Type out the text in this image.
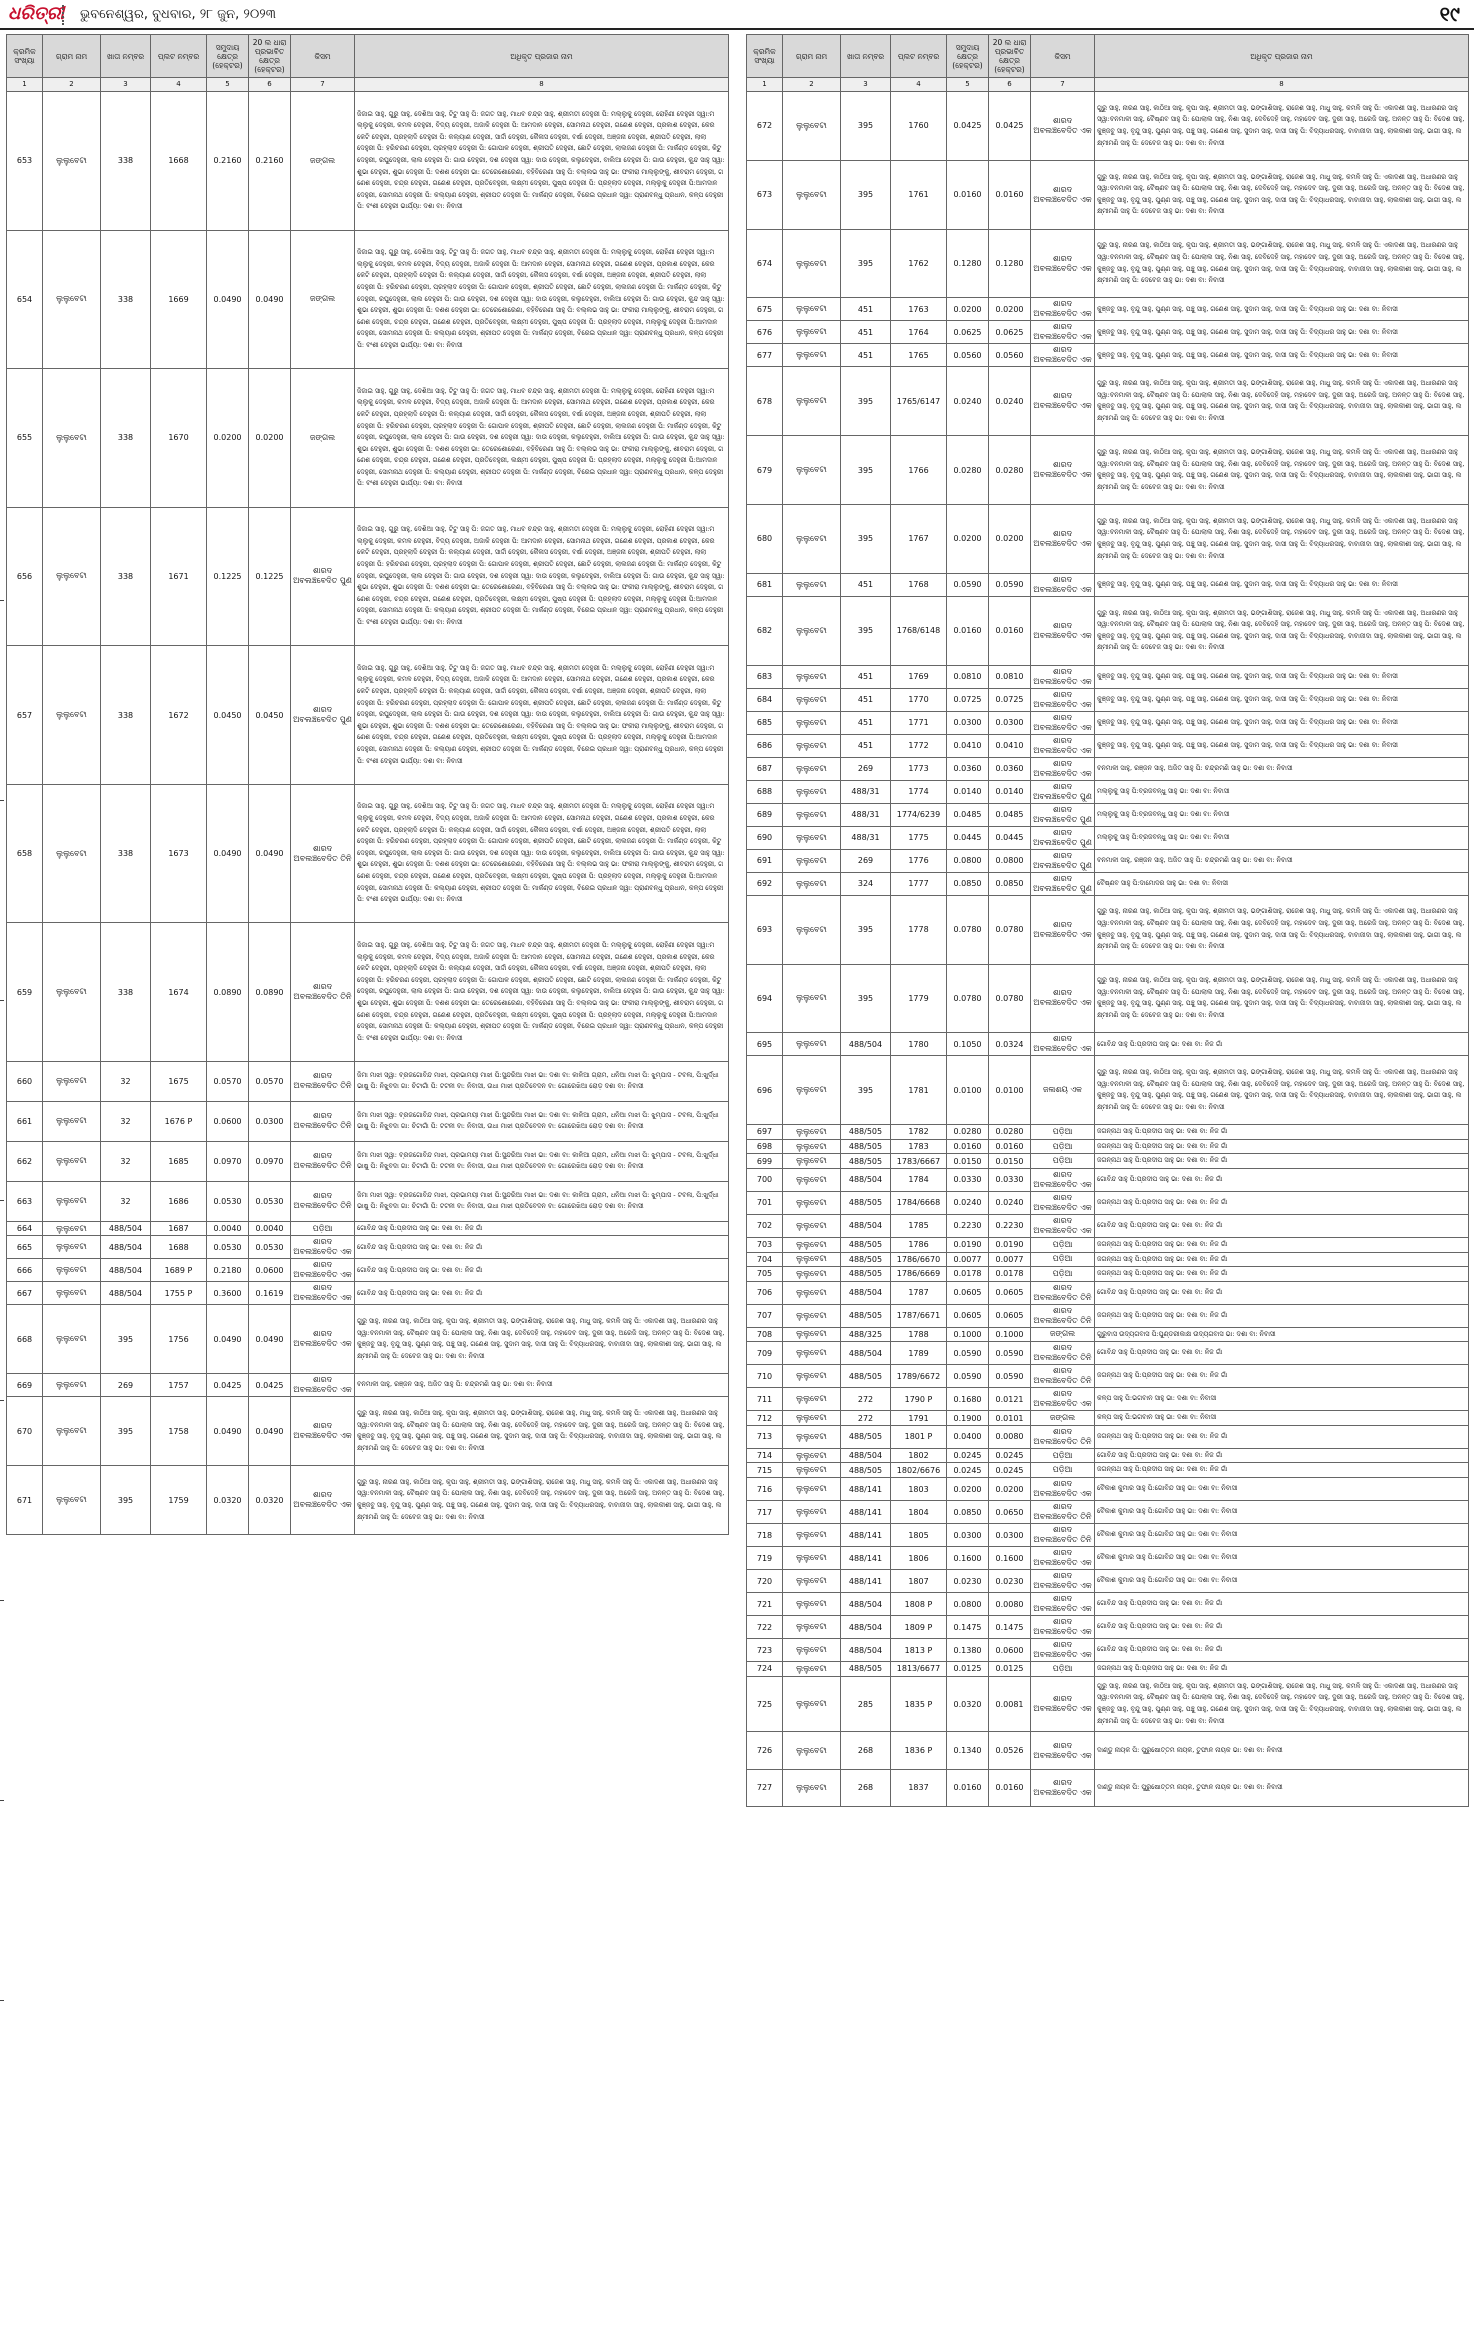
ଧରିତ୍ରୀ ଭୁବନେଶ୍ୱର, ବୁଧବାର, ୨୮ ଜୁନ, ୨୦୨୩	୧୯
କ୍ରମିକ ସଂଖ୍ୟା	ଗ୍ରାମ ନାମ	ଖାତା ନମ୍ବର	ପ୍ଲଟ ନମ୍ବର	ସମୁଦାୟ କ୍ଷେତ୍ର (ହେକ୍ଟର)	20 ଲ ଧାରା ପ୍ରଭାବିତ କ୍ଷେତ୍ର (ହେକ୍ଟର)	କିସମ	ଅଧିକୃତ ପ୍ରଜାର ନାମ
1	2	3	4	5	6	7	8
653	ଲୁଲୁବେଟା	338	1668	0.2160	0.2160	ଜଙ୍ଗଲ	ଜିଜାଇ ସାହୁ, ଗୁରୁ ସାହୁ, ଦେଶିଆ ସାହୁ, ଟିଟୁ ସାହୁ ପି: ଜଗତ ସାହୁ, ମାଧବ ଚନ୍ଦ୍ର ସାହୁ, ଶ୍ରୀମତୀ ଦେହୁରୀ ପି: ମଲ୍ଲୁକୁ ଦେହୁରୀ, ରୋହିଣୀ ଦେହୁରୀ ସ୍ୱା:ମଲ୍ଲୁକୁ ଦେହୁରୀ, କମଳ ଦେହୁରୀ, ବିଦ୍ୟ ଦେହୁରୀ, ଅଜାକି ଦେହୁରୀ ପି: ଆମଦାନ ଦେହୁରୀ, ସୋମନାଥ ଦେହୁରୀ, ଗଣେଶ ଦେହୁରୀ, ପ୍ରକାଶ ଦେହୁରୀ, କେରକେଟି ଦେହୁରୀ, ପ୍ରହ୍ଲାଦି ଦେହୁରୀ ପି: କଲ୍ୟାଣ ଦେହୁରୀ, ସାର୍ଦ୍ଦୀ ଦେହୁରୀ, କୈଳାସ ଦେହୁରୀ, ବର୍ଷା ଦେହୁରୀ, ଅଞ୍ଜନା ଦେହୁରୀ, ଶ୍ରୀପତି ଦେହୁରୀ, ଲାଲା ଦେହୁରୀ ପି: ହରିଚରଣ ଦେହୁରୀ, ପ୍ରହ୍ଲାଦ ଦେହୁରୀ ପି: ଗୋପାଳ ଦେହୁରୀ, ଶ୍ରୀପତି ଦେହୁରୀ, ଛୋଟି ଦେହୁରୀ, ଲାଲଜଣ ଦେହୁରୀ ପି: ମାର୍କଣ୍ଡ ଦେହୁରୀ, କିଟୁ ଦେହୁରୀ, ରଘୁଦେହୁରୀ, ଲାଲ ଦେହୁରୀ ପି: ଗାଉ ଦେହୁରୀ, ଦଶ ଦେହୁରୀ ସ୍ୱା: ଦାଉ ଦେହୁରୀ, କଲୁଦେହୁରୀ, ବାଲିଆ ଦେହୁରୀ ପି: ଗାଉ ଦେହୁରୀ, କୁନ୍ଦ ସାହୁ ସ୍ୱା: ଶୁଭା ଦେହୁରୀ, ଶୁଭା ଦେହୁରୀ ପି: ଦଶଶ ଦେହୁରୀ ଭା: ତେରେଶୋରେଣା, ବହିବିରେଣା ସାହୁ ପି: ବଲ୍ଲଭ ସାହୁ ଭା: ଫକୀରା ମାଲ୍ଲୁଙ୍କୁ, ଶୀବରାମ ଦେହୁରୀ, ଗଣେଶ ଦେହୁରୀ, ଚନ୍ଦ୍ର ଦେହୁରୀ, ଗଣେଶ ଦେହୁରୀ, ପ୍ରତିବେହୁରୀ, ଲକ୍ଷ୍ମୀ ଦେହୁରୀ, ପୁଷ୍ପ ଦେହୁରୀ ପି: ପ୍ରହ୍ଲାଦ ଦେହୁରୀ, ମଲ୍ଲୁକୁ ଦେହୁରୀ ପି:ଆମଦାନ ଦେହୁରୀ, ସୋମନାଥ ଦେହୁରୀ ପି: କଲ୍ୟାଣ ଦେହୁରୀ, ଶ୍ରୀପତ ଦେହୁରୀ ପି: ମାର୍କଣ୍ଡ ଦେହୁରୀ, ବିରେଇ ପ୍ରଧାନ ସ୍ୱା: ପ୍ରାଣବନ୍ଧୁ ପ୍ରଧାନ, କଳ୍ପ ଦେହୁରୀ ପି: ବଂଶୀ ଦେହୁରୀ ଭାର୍ଯ୍ୟା: ଦଶା ବା: ନିବାସୀ
654	ଲୁଲୁବେଟା	338	1669	0.0490	0.0490	ଜଙ୍ଗଲ	ଜିଜାଇ ସାହୁ, ଗୁରୁ ସାହୁ, ଦେଶିଆ ସାହୁ, ଟିଟୁ ସାହୁ ପି: ଜଗତ ସାହୁ, ମାଧବ ଚନ୍ଦ୍ର ସାହୁ, ଶ୍ରୀମତୀ ଦେହୁରୀ ପି: ମଲ୍ଲୁକୁ ଦେହୁରୀ, ରୋହିଣୀ ଦେହୁରୀ ସ୍ୱା:ମଲ୍ଲୁକୁ ଦେହୁରୀ, କମଳ ଦେହୁରୀ, ବିଦ୍ୟ ଦେହୁରୀ, ଅଜାକି ଦେହୁରୀ ପି: ଆମଦାନ ଦେହୁରୀ, ସୋମନାଥ ଦେହୁରୀ, ଗଣେଶ ଦେହୁରୀ, ପ୍ରକାଶ ଦେହୁରୀ, କେରକେଟି ଦେହୁରୀ, ପ୍ରହ୍ଲାଦି ଦେହୁରୀ ପି: କଲ୍ୟାଣ ଦେହୁରୀ, ସାର୍ଦ୍ଦୀ ଦେହୁରୀ, କୈଳାସ ଦେହୁରୀ, ବର୍ଷା ଦେହୁରୀ, ଅଞ୍ଜନା ଦେହୁରୀ, ଶ୍ରୀପତି ଦେହୁରୀ, ଲାଲା ଦେହୁରୀ ପି: ହରିଚରଣ ଦେହୁରୀ, ପ୍ରହ୍ଲାଦ ଦେହୁରୀ ପି: ଗୋପାଳ ଦେହୁରୀ, ଶ୍ରୀପତି ଦେହୁରୀ, ଛୋଟି ଦେହୁରୀ, ଲାଲଜଣ ଦେହୁରୀ ପି: ମାର୍କଣ୍ଡ ଦେହୁରୀ, କିଟୁ ଦେହୁରୀ, ରଘୁଦେହୁରୀ, ଲାଲ ଦେହୁରୀ ପି: ଗାଉ ଦେହୁରୀ, ଦଶ ଦେହୁରୀ ସ୍ୱା: ଦାଉ ଦେହୁରୀ, କଲୁଦେହୁରୀ, ବାଲିଆ ଦେହୁରୀ ପି: ଗାଉ ଦେହୁରୀ, କୁନ୍ଦ ସାହୁ ସ୍ୱା: ଶୁଭା ଦେହୁରୀ, ଶୁଭା ଦେହୁରୀ ପି: ଦଶଶ ଦେହୁରୀ ଭା: ତେରେଶୋରେଣା, ବହିବିରେଣା ସାହୁ ପି: ବଲ୍ଲଭ ସାହୁ ଭା: ଫକୀରା ମାଲ୍ଲୁଙ୍କୁ, ଶୀବରାମ ଦେହୁରୀ, ଗଣେଶ ଦେହୁରୀ, ଚନ୍ଦ୍ର ଦେହୁରୀ, ଗଣେଶ ଦେହୁରୀ, ପ୍ରତିବେହୁରୀ, ଲକ୍ଷ୍ମୀ ଦେହୁରୀ, ପୁଷ୍ପ ଦେହୁରୀ ପି: ପ୍ରହ୍ଲାଦ ଦେହୁରୀ, ମଲ୍ଲୁକୁ ଦେହୁରୀ ପି:ଆମଦାନ ଦେହୁରୀ, ସୋମନାଥ ଦେହୁରୀ ପି: କଲ୍ୟାଣ ଦେହୁରୀ, ଶ୍ରୀପତ ଦେହୁରୀ ପି: ମାର୍କଣ୍ଡ ଦେହୁରୀ, ବିରେଇ ପ୍ରଧାନ ସ୍ୱା: ପ୍ରାଣବନ୍ଧୁ ପ୍ରଧାନ, କଳ୍ପ ଦେହୁରୀ ପି: ବଂଶୀ ଦେହୁରୀ ଭାର୍ଯ୍ୟା: ଦଶା ବା: ନିବାସୀ
655	ଲୁଲୁବେଟା	338	1670	0.0200	0.0200	ଜଙ୍ଗଲ	ଜିଜାଇ ସାହୁ, ଗୁରୁ ସାହୁ, ଦେଶିଆ ସାହୁ, ଟିଟୁ ସାହୁ ପି: ଜଗତ ସାହୁ, ମାଧବ ଚନ୍ଦ୍ର ସାହୁ, ଶ୍ରୀମତୀ ଦେହୁରୀ ପି: ମଲ୍ଲୁକୁ ଦେହୁରୀ, ରୋହିଣୀ ଦେହୁରୀ ସ୍ୱା:ମଲ୍ଲୁକୁ ଦେହୁରୀ, କମଳ ଦେହୁରୀ, ବିଦ୍ୟ ଦେହୁରୀ, ଅଜାକି ଦେହୁରୀ ପି: ଆମଦାନ ଦେହୁରୀ, ସୋମନାଥ ଦେହୁରୀ, ଗଣେଶ ଦେହୁରୀ, ପ୍ରକାଶ ଦେହୁରୀ, କେରକେଟି ଦେହୁରୀ, ପ୍ରହ୍ଲାଦି ଦେହୁରୀ ପି: କଲ୍ୟାଣ ଦେହୁରୀ, ସାର୍ଦ୍ଦୀ ଦେହୁରୀ, କୈଳାସ ଦେହୁରୀ, ବର୍ଷା ଦେହୁରୀ, ଅଞ୍ଜନା ଦେହୁରୀ, ଶ୍ରୀପତି ଦେହୁରୀ, ଲାଲା ଦେହୁରୀ ପି: ହରିଚରଣ ଦେହୁରୀ, ପ୍ରହ୍ଲାଦ ଦେହୁରୀ ପି: ଗୋପାଳ ଦେହୁରୀ, ଶ୍ରୀପତି ଦେହୁରୀ, ଛୋଟି ଦେହୁରୀ, ଲାଲଜଣ ଦେହୁରୀ ପି: ମାର୍କଣ୍ଡ ଦେହୁରୀ, କିଟୁ ଦେହୁରୀ, ରଘୁଦେହୁରୀ, ଲାଲ ଦେହୁରୀ ପି: ଗାଉ ଦେହୁରୀ, ଦଶ ଦେହୁରୀ ସ୍ୱା: ଦାଉ ଦେହୁରୀ, କଲୁଦେହୁରୀ, ବାଲିଆ ଦେହୁରୀ ପି: ଗାଉ ଦେହୁରୀ, କୁନ୍ଦ ସାହୁ ସ୍ୱା: ଶୁଭା ଦେହୁରୀ, ଶୁଭା ଦେହୁରୀ ପି: ଦଶଶ ଦେହୁରୀ ଭା: ତେରେଶୋରେଣା, ବହିବିରେଣା ସାହୁ ପି: ବଲ୍ଲଭ ସାହୁ ଭା: ଫକୀରା ମାଲ୍ଲୁଙ୍କୁ, ଶୀବରାମ ଦେହୁରୀ, ଗଣେଶ ଦେହୁରୀ, ଚନ୍ଦ୍ର ଦେହୁରୀ, ଗଣେଶ ଦେହୁରୀ, ପ୍ରତିବେହୁରୀ, ଲକ୍ଷ୍ମୀ ଦେହୁରୀ, ପୁଷ୍ପ ଦେହୁରୀ ପି: ପ୍ରହ୍ଲାଦ ଦେହୁରୀ, ମଲ୍ଲୁକୁ ଦେହୁରୀ ପି:ଆମଦାନ ଦେହୁରୀ, ସୋମନାଥ ଦେହୁରୀ ପି: କଲ୍ୟାଣ ଦେହୁରୀ, ଶ୍ରୀପତ ଦେହୁରୀ ପି: ମାର୍କଣ୍ଡ ଦେହୁରୀ, ବିରେଇ ପ୍ରଧାନ ସ୍ୱା: ପ୍ରାଣବନ୍ଧୁ ପ୍ରଧାନ, କଳ୍ପ ଦେହୁରୀ ପି: ବଂଶୀ ଦେହୁରୀ ଭାର୍ଯ୍ୟା: ଦଶା ବା: ନିବାସୀ
656	ଲୁଲୁବେଟା	338	1671	0.1225	0.1225	ଶାରଦ ଅବଲଞ୍ଚବେଦିତ ପୁଣ	ଜିଜାଇ ସାହୁ, ଗୁରୁ ସାହୁ, ଦେଶିଆ ସାହୁ, ଟିଟୁ ସାହୁ ପି: ଜଗତ ସାହୁ, ମାଧବ ଚନ୍ଦ୍ର ସାହୁ, ଶ୍ରୀମତୀ ଦେହୁରୀ ପି: ମଲ୍ଲୁକୁ ଦେହୁରୀ, ରୋହିଣୀ ଦେହୁରୀ ସ୍ୱା:ମଲ୍ଲୁକୁ ଦେହୁରୀ, କମଳ ଦେହୁରୀ, ବିଦ୍ୟ ଦେହୁରୀ, ଅଜାକି ଦେହୁରୀ ପି: ଆମଦାନ ଦେହୁରୀ, ସୋମନାଥ ଦେହୁରୀ, ଗଣେଶ ଦେହୁରୀ, ପ୍ରକାଶ ଦେହୁରୀ, କେରକେଟି ଦେହୁରୀ, ପ୍ରହ୍ଲାଦି ଦେହୁରୀ ପି: କଲ୍ୟାଣ ଦେହୁରୀ, ସାର୍ଦ୍ଦୀ ଦେହୁରୀ, କୈଳାସ ଦେହୁରୀ, ବର୍ଷା ଦେହୁରୀ, ଅଞ୍ଜନା ଦେହୁରୀ, ଶ୍ରୀପତି ଦେହୁରୀ, ଲାଲା ଦେହୁରୀ ପି: ହରିଚରଣ ଦେହୁରୀ, ପ୍ରହ୍ଲାଦ ଦେହୁରୀ ପି: ଗୋପାଳ ଦେହୁରୀ, ଶ୍ରୀପତି ଦେହୁରୀ, ଛୋଟି ଦେହୁରୀ, ଲାଲଜଣ ଦେହୁରୀ ପି: ମାର୍କଣ୍ଡ ଦେହୁରୀ, କିଟୁ ଦେହୁରୀ, ରଘୁଦେହୁରୀ, ଲାଲ ଦେହୁରୀ ପି: ଗାଉ ଦେହୁରୀ, ଦଶ ଦେହୁରୀ ସ୍ୱା: ଦାଉ ଦେହୁରୀ, କଲୁଦେହୁରୀ, ବାଲିଆ ଦେହୁରୀ ପି: ଗାଉ ଦେହୁରୀ, କୁନ୍ଦ ସାହୁ ସ୍ୱା: ଶୁଭା ଦେହୁରୀ, ଶୁଭା ଦେହୁରୀ ପି: ଦଶଶ ଦେହୁରୀ ଭା: ତେରେଶୋରେଣା, ବହିବିରେଣା ସାହୁ ପି: ବଲ୍ଲଭ ସାହୁ ଭା: ଫକୀରା ମାଲ୍ଲୁଙ୍କୁ, ଶୀବରାମ ଦେହୁରୀ, ଗଣେଶ ଦେହୁରୀ, ଚନ୍ଦ୍ର ଦେହୁରୀ, ଗଣେଶ ଦେହୁରୀ, ପ୍ରତିବେହୁରୀ, ଲକ୍ଷ୍ମୀ ଦେହୁରୀ, ପୁଷ୍ପ ଦେହୁରୀ ପି: ପ୍ରହ୍ଲାଦ ଦେହୁରୀ, ମଲ୍ଲୁକୁ ଦେହୁରୀ ପି:ଆମଦାନ ଦେହୁରୀ, ସୋମନାଥ ଦେହୁରୀ ପି: କଲ୍ୟାଣ ଦେହୁରୀ, ଶ୍ରୀପତ ଦେହୁରୀ ପି: ମାର୍କଣ୍ଡ ଦେହୁରୀ, ବିରେଇ ପ୍ରଧାନ ସ୍ୱା: ପ୍ରାଣବନ୍ଧୁ ପ୍ରଧାନ, କଳ୍ପ ଦେହୁରୀ ପି: ବଂଶୀ ଦେହୁରୀ ଭାର୍ଯ୍ୟା: ଦଶା ବା: ନିବାସୀ
657	ଲୁଲୁବେଟା	338	1672	0.0450	0.0450	ଶାରଦ ଅବଲଞ୍ଚବେଦିତ ପୁଣ	ଜିଜାଇ ସାହୁ, ଗୁରୁ ସାହୁ, ଦେଶିଆ ସାହୁ, ଟିଟୁ ସାହୁ ପି: ଜଗତ ସାହୁ, ମାଧବ ଚନ୍ଦ୍ର ସାହୁ, ଶ୍ରୀମତୀ ଦେହୁରୀ ପି: ମଲ୍ଲୁକୁ ଦେହୁରୀ, ରୋହିଣୀ ଦେହୁରୀ ସ୍ୱା:ମଲ୍ଲୁକୁ ଦେହୁରୀ, କମଳ ଦେହୁରୀ, ବିଦ୍ୟ ଦେହୁରୀ, ଅଜାକି ଦେହୁରୀ ପି: ଆମଦାନ ଦେହୁରୀ, ସୋମନାଥ ଦେହୁରୀ, ଗଣେଶ ଦେହୁରୀ, ପ୍ରକାଶ ଦେହୁରୀ, କେରକେଟି ଦେହୁରୀ, ପ୍ରହ୍ଲାଦି ଦେହୁରୀ ପି: କଲ୍ୟାଣ ଦେହୁରୀ, ସାର୍ଦ୍ଦୀ ଦେହୁରୀ, କୈଳାସ ଦେହୁରୀ, ବର୍ଷା ଦେହୁରୀ, ଅଞ୍ଜନା ଦେହୁରୀ, ଶ୍ରୀପତି ଦେହୁରୀ, ଲାଲା ଦେହୁରୀ ପି: ହରିଚରଣ ଦେହୁରୀ, ପ୍ରହ୍ଲାଦ ଦେହୁରୀ ପି: ଗୋପାଳ ଦେହୁରୀ, ଶ୍ରୀପତି ଦେହୁରୀ, ଛୋଟି ଦେହୁରୀ, ଲାଲଜଣ ଦେହୁରୀ ପି: ମାର୍କଣ୍ଡ ଦେହୁରୀ, କିଟୁ ଦେହୁରୀ, ରଘୁଦେହୁରୀ, ଲାଲ ଦେହୁରୀ ପି: ଗାଉ ଦେହୁରୀ, ଦଶ ଦେହୁରୀ ସ୍ୱା: ଦାଉ ଦେହୁରୀ, କଲୁଦେହୁରୀ, ବାଲିଆ ଦେହୁରୀ ପି: ଗାଉ ଦେହୁରୀ, କୁନ୍ଦ ସାହୁ ସ୍ୱା: ଶୁଭା ଦେହୁରୀ, ଶୁଭା ଦେହୁରୀ ପି: ଦଶଶ ଦେହୁରୀ ଭା: ତେରେଶୋରେଣା, ବହିବିରେଣା ସାହୁ ପି: ବଲ୍ଲଭ ସାହୁ ଭା: ଫକୀରା ମାଲ୍ଲୁଙ୍କୁ, ଶୀବରାମ ଦେହୁରୀ, ଗଣେଶ ଦେହୁରୀ, ଚନ୍ଦ୍ର ଦେହୁରୀ, ଗଣେଶ ଦେହୁରୀ, ପ୍ରତିବେହୁରୀ, ଲକ୍ଷ୍ମୀ ଦେହୁରୀ, ପୁଷ୍ପ ଦେହୁରୀ ପି: ପ୍ରହ୍ଲାଦ ଦେହୁରୀ, ମଲ୍ଲୁକୁ ଦେହୁରୀ ପି:ଆମଦାନ ଦେହୁରୀ, ସୋମନାଥ ଦେହୁରୀ ପି: କଲ୍ୟାଣ ଦେହୁରୀ, ଶ୍ରୀପତ ଦେହୁରୀ ପି: ମାର୍କଣ୍ଡ ଦେହୁରୀ, ବିରେଇ ପ୍ରଧାନ ସ୍ୱା: ପ୍ରାଣବନ୍ଧୁ ପ୍ରଧାନ, କଳ୍ପ ଦେହୁରୀ ପି: ବଂଶୀ ଦେହୁରୀ ଭାର୍ଯ୍ୟା: ଦଶା ବା: ନିବାସୀ
658	ଲୁଲୁବେଟା	338	1673	0.0490	0.0490	ଶାରଦ ଅବଲଞ୍ଚବେଦିତ ତିନି	ଜିଜାଇ ସାହୁ, ଗୁରୁ ସାହୁ, ଦେଶିଆ ସାହୁ, ଟିଟୁ ସାହୁ ପି: ଜଗତ ସାହୁ, ମାଧବ ଚନ୍ଦ୍ର ସାହୁ, ଶ୍ରୀମତୀ ଦେହୁରୀ ପି: ମଲ୍ଲୁକୁ ଦେହୁରୀ, ରୋହିଣୀ ଦେହୁରୀ ସ୍ୱା:ମଲ୍ଲୁକୁ ଦେହୁରୀ, କମଳ ଦେହୁରୀ, ବିଦ୍ୟ ଦେହୁରୀ, ଅଜାକି ଦେହୁରୀ ପି: ଆମଦାନ ଦେହୁରୀ, ସୋମନାଥ ଦେହୁରୀ, ଗଣେଶ ଦେହୁରୀ, ପ୍ରକାଶ ଦେହୁରୀ, କେରକେଟି ଦେହୁରୀ, ପ୍ରହ୍ଲାଦି ଦେହୁରୀ ପି: କଲ୍ୟାଣ ଦେହୁରୀ, ସାର୍ଦ୍ଦୀ ଦେହୁରୀ, କୈଳାସ ଦେହୁରୀ, ବର୍ଷା ଦେହୁରୀ, ଅଞ୍ଜନା ଦେହୁରୀ, ଶ୍ରୀପତି ଦେହୁରୀ, ଲାଲା ଦେହୁରୀ ପି: ହରିଚରଣ ଦେହୁରୀ, ପ୍ରହ୍ଲାଦ ଦେହୁରୀ ପି: ଗୋପାଳ ଦେହୁରୀ, ଶ୍ରୀପତି ଦେହୁରୀ, ଛୋଟି ଦେହୁରୀ, ଲାଲଜଣ ଦେହୁରୀ ପି: ମାର୍କଣ୍ଡ ଦେହୁରୀ, କିଟୁ ଦେହୁରୀ, ରଘୁଦେହୁରୀ, ଲାଲ ଦେହୁରୀ ପି: ଗାଉ ଦେହୁରୀ, ଦଶ ଦେହୁରୀ ସ୍ୱା: ଦାଉ ଦେହୁରୀ, କଲୁଦେହୁରୀ, ବାଲିଆ ଦେହୁରୀ ପି: ଗାଉ ଦେହୁରୀ, କୁନ୍ଦ ସାହୁ ସ୍ୱା: ଶୁଭା ଦେହୁରୀ, ଶୁଭା ଦେହୁରୀ ପି: ଦଶଶ ଦେହୁରୀ ଭା: ତେରେଶୋରେଣା, ବହିବିରେଣା ସାହୁ ପି: ବଲ୍ଲଭ ସାହୁ ଭା: ଫକୀରା ମାଲ୍ଲୁଙ୍କୁ, ଶୀବରାମ ଦେହୁରୀ, ଗଣେଶ ଦେହୁରୀ, ଚନ୍ଦ୍ର ଦେହୁରୀ, ଗଣେଶ ଦେହୁରୀ, ପ୍ରତିବେହୁରୀ, ଲକ୍ଷ୍ମୀ ଦେହୁରୀ, ପୁଷ୍ପ ଦେହୁରୀ ପି: ପ୍ରହ୍ଲାଦ ଦେହୁରୀ, ମଲ୍ଲୁକୁ ଦେହୁରୀ ପି:ଆମଦାନ ଦେହୁରୀ, ସୋମନାଥ ଦେହୁରୀ ପି: କଲ୍ୟାଣ ଦେହୁରୀ, ଶ୍ରୀପତ ଦେହୁରୀ ପି: ମାର୍କଣ୍ଡ ଦେହୁରୀ, ବିରେଇ ପ୍ରଧାନ ସ୍ୱା: ପ୍ରାଣବନ୍ଧୁ ପ୍ରଧାନ, କଳ୍ପ ଦେହୁରୀ ପି: ବଂଶୀ ଦେହୁରୀ ଭାର୍ଯ୍ୟା: ଦଶା ବା: ନିବାସୀ
659	ଲୁଲୁବେଟା	338	1674	0.0890	0.0890	ଶାରଦ ଅବଲଞ୍ଚବେଦିତ ତିନି	ଜିଜାଇ ସାହୁ, ଗୁରୁ ସାହୁ, ଦେଶିଆ ସାହୁ, ଟିଟୁ ସାହୁ ପି: ଜଗତ ସାହୁ, ମାଧବ ଚନ୍ଦ୍ର ସାହୁ, ଶ୍ରୀମତୀ ଦେହୁରୀ ପି: ମଲ୍ଲୁକୁ ଦେହୁରୀ, ରୋହିଣୀ ଦେହୁରୀ ସ୍ୱା:ମଲ୍ଲୁକୁ ଦେହୁରୀ, କମଳ ଦେହୁରୀ, ବିଦ୍ୟ ଦେହୁରୀ, ଅଜାକି ଦେହୁରୀ ପି: ଆମଦାନ ଦେହୁରୀ, ସୋମନାଥ ଦେହୁରୀ, ଗଣେଶ ଦେହୁରୀ, ପ୍ରକାଶ ଦେହୁରୀ, କେରକେଟି ଦେହୁରୀ, ପ୍ରହ୍ଲାଦି ଦେହୁରୀ ପି: କଲ୍ୟାଣ ଦେହୁରୀ, ସାର୍ଦ୍ଦୀ ଦେହୁରୀ, କୈଳାସ ଦେହୁରୀ, ବର୍ଷା ଦେହୁରୀ, ଅଞ୍ଜନା ଦେହୁରୀ, ଶ୍ରୀପତି ଦେହୁରୀ, ଲାଲା ଦେହୁରୀ ପି: ହରିଚରଣ ଦେହୁରୀ, ପ୍ରହ୍ଲାଦ ଦେହୁରୀ ପି: ଗୋପାଳ ଦେହୁରୀ, ଶ୍ରୀପତି ଦେହୁରୀ, ଛୋଟି ଦେହୁରୀ, ଲାଲଜଣ ଦେହୁରୀ ପି: ମାର୍କଣ୍ଡ ଦେହୁରୀ, କିଟୁ ଦେହୁରୀ, ରଘୁଦେହୁରୀ, ଲାଲ ଦେହୁରୀ ପି: ଗାଉ ଦେହୁରୀ, ଦଶ ଦେହୁରୀ ସ୍ୱା: ଦାଉ ଦେହୁରୀ, କଲୁଦେହୁରୀ, ବାଲିଆ ଦେହୁରୀ ପି: ଗାଉ ଦେହୁରୀ, କୁନ୍ଦ ସାହୁ ସ୍ୱା: ଶୁଭା ଦେହୁରୀ, ଶୁଭା ଦେହୁରୀ ପି: ଦଶଶ ଦେହୁରୀ ଭା: ତେରେଶୋରେଣା, ବହିବିରେଣା ସାହୁ ପି: ବଲ୍ଲଭ ସାହୁ ଭା: ଫକୀରା ମାଲ୍ଲୁଙ୍କୁ, ଶୀବରାମ ଦେହୁରୀ, ଗଣେଶ ଦେହୁରୀ, ଚନ୍ଦ୍ର ଦେହୁରୀ, ଗଣେଶ ଦେହୁରୀ, ପ୍ରତିବେହୁରୀ, ଲକ୍ଷ୍ମୀ ଦେହୁରୀ, ପୁଷ୍ପ ଦେହୁରୀ ପି: ପ୍ରହ୍ଲାଦ ଦେହୁରୀ, ମଲ୍ଲୁକୁ ଦେହୁରୀ ପି:ଆମଦାନ ଦେହୁରୀ, ସୋମନାଥ ଦେହୁରୀ ପି: କଲ୍ୟାଣ ଦେହୁରୀ, ଶ୍ରୀପତ ଦେହୁରୀ ପି: ମାର୍କଣ୍ଡ ଦେହୁରୀ, ବିରେଇ ପ୍ରଧାନ ସ୍ୱା: ପ୍ରାଣବନ୍ଧୁ ପ୍ରଧାନ, କଳ୍ପ ଦେହୁରୀ ପି: ବଂଶୀ ଦେହୁରୀ ଭାର୍ଯ୍ୟା: ଦଶା ବା: ନିବାସୀ
660	ଲୁଲୁବେଟା	32	1675	0.0570	0.0570	ଶାରଦ ଅବଲଞ୍ଚବେଦିତ ତିନି	ଜିମା ମାଝୀ ସ୍ୱା: ବ୍ରଜଗୋବିନ୍ଦ ମାଝୀ, ପ୍ରଭାମୟୀ ମାଝୀ ପି:ସୁନ୍ଦରିଆ ମାଝୀ ଭା: ଦଶା ବା: କାଳିଆ ଗ୍ରାମ, ଧନିଆ ମାଝୀ ପି: ଝୁମ୍ପାସ - ଟବଳା, ପି:ଖୁର୍ଦ୍ଧା ଭାଷୁ ପି: ନିଝୁବଦା ଗା: ଚିଟାଗାଁ ପି: ଟଟନୀ ବା: ନିବାସୀ, ଉଧା ମାଝୀ ପ୍ରତିବେଦନ ବା: ଗୋରେଖିଆ ରୋଡ଼ ଦଶା ବା: ନିବାସୀ
661	ଲୁଲୁବେଟା	32	1676 P	0.0600	0.0300	ଶାରଦ ଅବଲଞ୍ଚବେଦିତ ତିନି	ଜିମା ମାଝୀ ସ୍ୱା: ବ୍ରଜଗୋବିନ୍ଦ ମାଝୀ, ପ୍ରଭାମୟୀ ମାଝୀ ପି:ସୁନ୍ଦରିଆ ମାଝୀ ଭା: ଦଶା ବା: କାଳିଆ ଗ୍ରାମ, ଧନିଆ ମାଝୀ ପି: ଝୁମ୍ପାସ - ଟବଳା, ପି:ଖୁର୍ଦ୍ଧା ଭାଷୁ ପି: ନିଝୁବଦା ଗା: ଚିଟାଗାଁ ପି: ଟଟନୀ ବା: ନିବାସୀ, ଉଧା ମାଝୀ ପ୍ରତିବେଦନ ବା: ଗୋରେଖିଆ ରୋଡ଼ ଦଶା ବା: ନିବାସୀ
662	ଲୁଲୁବେଟା	32	1685	0.0970	0.0970	ଶାରଦ ଅବଲଞ୍ଚବେଦିତ ତିନି	ଜିମା ମାଝୀ ସ୍ୱା: ବ୍ରଜଗୋବିନ୍ଦ ମାଝୀ, ପ୍ରଭାମୟୀ ମାଝୀ ପି:ସୁନ୍ଦରିଆ ମାଝୀ ଭା: ଦଶା ବା: କାଳିଆ ଗ୍ରାମ, ଧନିଆ ମାଝୀ ପି: ଝୁମ୍ପାସ - ଟବଳା, ପି:ଖୁର୍ଦ୍ଧା ଭାଷୁ ପି: ନିଝୁବଦା ଗା: ଚିଟାଗାଁ ପି: ଟଟନୀ ବା: ନିବାସୀ, ଉଧା ମାଝୀ ପ୍ରତିବେଦନ ବା: ଗୋରେଖିଆ ରୋଡ଼ ଦଶା ବା: ନିବାସୀ
663	ଲୁଲୁବେଟା	32	1686	0.0530	0.0530	ଶାରଦ ଅବଲଞ୍ଚବେଦିତ ତିନି	ଜିମା ମାଝୀ ସ୍ୱା: ବ୍ରଜଗୋବିନ୍ଦ ମାଝୀ, ପ୍ରଭାମୟୀ ମାଝୀ ପି:ସୁନ୍ଦରିଆ ମାଝୀ ଭା: ଦଶା ବା: କାଳିଆ ଗ୍ରାମ, ଧନିଆ ମାଝୀ ପି: ଝୁମ୍ପାସ - ଟବଳା, ପି:ଖୁର୍ଦ୍ଧା ଭାଷୁ ପି: ନିଝୁବଦା ଗା: ଚିଟାଗାଁ ପି: ଟଟନୀ ବା: ନିବାସୀ, ଉଧା ମାଝୀ ପ୍ରତିବେଦନ ବା: ଗୋରେଖିଆ ରୋଡ଼ ଦଶା ବା: ନିବାସୀ
664	ଲୁଲୁବେଟା	488/504	1687	0.0040	0.0040	ପଡ଼ିଆ	ଗୋବିନ୍ଦ ସାହୁ ପି:ପ୍ରଦୀପ ସାହୁ ଭା: ଦଶା ବା: ନିଜ ଗାଁ
665	ଲୁଲୁବେଟା	488/504	1688	0.0530	0.0530	ଶାରଦ ଅବଲଞ୍ଚବେଦିତ ଏକ	ଗୋବିନ୍ଦ ସାହୁ ପି:ପ୍ରଦୀପ ସାହୁ ଭା: ଦଶା ବା: ନିଜ ଗାଁ
666	ଲୁଲୁବେଟା	488/504	1689 P	0.2180	0.0600	ଶାରଦ ଅବଲଞ୍ଚବେଦିତ ଏକ	ଗୋବିନ୍ଦ ସାହୁ ପି:ପ୍ରଦୀପ ସାହୁ ଭା: ଦଶା ବା: ନିଜ ଗାଁ
667	ଲୁଲୁବେଟା	488/504	1755 P	0.3600	0.1619	ଶାରଦ ଅବଲଞ୍ଚବେଦିତ ଏକ	ଗୋବିନ୍ଦ ସାହୁ ପି:ପ୍ରଦୀପ ସାହୁ ଭା: ଦଶା ବା: ନିଜ ଗାଁ
668	ଲୁଲୁବେଟା	395	1756	0.0490	0.0490	ଶାରଦ ଅବଲଞ୍ଚବେଦିତ ଏକ	ଗୁରୁ ସାହୁ, ନାରଣ ସାହୁ, କାଠିଆ ସାହୁ, କୃପା ସାହୁ, ଶ୍ରୀମତୀ ସାହୁ, ଭଙ୍ଗାଶିସାହୁ, ରାଜେଶ ସାହୁ, ମାଧୁ ସାହୁ, କମଳି ସାହୁ ପି: ଏକାଦଶୀ ସାହୁ, ଅଧାରଣର ସାହୁ ସ୍ୱା:ବନମାଳୀ ସାହୁ, ବୈଷ୍ଣବ ସାହୁ ପି: ପୋଲାଲ ସାହୁ, ନିଶା ସାହୁ, ଦେବିଦେହି ସାହୁ, ମହାଦେବ ସାହୁ, ଦୁରୀ ସାହୁ, ଅରେଜି ସାହୁ, ଅନନ୍ତ ସାହୁ ପି: ବିଦେଶ ସାହୁ, କୁଞ୍ଜବୁ ସାହୁ, ବୃନ୍ଦୁ ସାହୁ, ପୁଣ୍ଣ ସାହୁ, ପଞ୍ଚୁ ସାହୁ, ଗଣେଶ ସାହୁ, ସୁଦାମ ସାହୁ, ଦାସୀ ସାହୁ ପି: ବିଦ୍ୟାଧରସାହୁ, ବାବାଜୀଦା ସାହୁ, ଲାଲକୀଶୀ ସାହୁ, ଭାଗୀ ସାହୁ, ଲକ୍ଷ୍ମୀମଣି ସାହୁ ପି: ଦେବେଜ ସାହୁ ଭା: ଦଶା ବା: ନିବାସୀ
669	ଲୁଲୁବେଟା	269	1757	0.0425	0.0425	ଶାରଦ ଅବଲଞ୍ଚବେଦିତ ଏକ	ବନମାଳୀ ସାହୁ, ରଞ୍ଜନ ସାହୁ, ଅଜିତ ସାହୁ ପି: ଚନ୍ଦ୍ରମଣି ସାହୁ ଭା: ଦଶା ବା: ନିବାସୀ
670	ଲୁଲୁବେଟା	395	1758	0.0490	0.0490	ଶାରଦ ଅବଲଞ୍ଚବେଦିତ ଏକ	ଗୁରୁ ସାହୁ, ନାରଣ ସାହୁ, କାଠିଆ ସାହୁ, କୃପା ସାହୁ, ଶ୍ରୀମତୀ ସାହୁ, ଭଙ୍ଗାଶିସାହୁ, ରାଜେଶ ସାହୁ, ମାଧୁ ସାହୁ, କମଳି ସାହୁ ପି: ଏକାଦଶୀ ସାହୁ, ଅଧାରଣର ସାହୁ ସ୍ୱା:ବନମାଳୀ ସାହୁ, ବୈଷ୍ଣବ ସାହୁ ପି: ପୋଲାଲ ସାହୁ, ନିଶା ସାହୁ, ଦେବିଦେହି ସାହୁ, ମହାଦେବ ସାହୁ, ଦୁରୀ ସାହୁ, ଅରେଜି ସାହୁ, ଅନନ୍ତ ସାହୁ ପି: ବିଦେଶ ସାହୁ, କୁଞ୍ଜବୁ ସାହୁ, ବୃନ୍ଦୁ ସାହୁ, ପୁଣ୍ଣ ସାହୁ, ପଞ୍ଚୁ ସାହୁ, ଗଣେଶ ସାହୁ, ସୁଦାମ ସାହୁ, ଦାସୀ ସାହୁ ପି: ବିଦ୍ୟାଧରସାହୁ, ବାବାଜୀଦା ସାହୁ, ଲାଲକୀଶୀ ସାହୁ, ଭାଗୀ ସାହୁ, ଲକ୍ଷ୍ମୀମଣି ସାହୁ ପି: ଦେବେଜ ସାହୁ ଭା: ଦଶା ବା: ନିବାସୀ
671	ଲୁଲୁବେଟା	395	1759	0.0320	0.0320	ଶାରଦ ଅବଲଞ୍ଚବେଦିତ ଏକ	ଗୁରୁ ସାହୁ, ନାରଣ ସାହୁ, କାଠିଆ ସାହୁ, କୃପା ସାହୁ, ଶ୍ରୀମତୀ ସାହୁ, ଭଙ୍ଗାଶିସାହୁ, ରାଜେଶ ସାହୁ, ମାଧୁ ସାହୁ, କମଳି ସାହୁ ପି: ଏକାଦଶୀ ସାହୁ, ଅଧାରଣର ସାହୁ ସ୍ୱା:ବନମାଳୀ ସାହୁ, ବୈଷ୍ଣବ ସାହୁ ପି: ପୋଲାଲ ସାହୁ, ନିଶା ସାହୁ, ଦେବିଦେହି ସାହୁ, ମହାଦେବ ସାହୁ, ଦୁରୀ ସାହୁ, ଅରେଜି ସାହୁ, ଅନନ୍ତ ସାହୁ ପି: ବିଦେଶ ସାହୁ, କୁଞ୍ଜବୁ ସାହୁ, ବୃନ୍ଦୁ ସାହୁ, ପୁଣ୍ଣ ସାହୁ, ପଞ୍ଚୁ ସାହୁ, ଗଣେଶ ସାହୁ, ସୁଦାମ ସାହୁ, ଦାସୀ ସାହୁ ପି: ବିଦ୍ୟାଧରସାହୁ, ବାବାଜୀଦା ସାହୁ, ଲାଲକୀଶୀ ସାହୁ, ଭାଗୀ ସାହୁ, ଲକ୍ଷ୍ମୀମଣି ସାହୁ ପି: ଦେବେଜ ସାହୁ ଭା: ଦଶା ବା: ନିବାସୀ
କ୍ରମିକ ସଂଖ୍ୟା	ଗ୍ରାମ ନାମ	ଖାତା ନମ୍ବର	ପ୍ଲଟ ନମ୍ବର	ସମୁଦାୟ କ୍ଷେତ୍ର (ହେକ୍ଟର)	20 ଲ ଧାରା ପ୍ରଭାବିତ କ୍ଷେତ୍ର (ହେକ୍ଟର)	କିସମ	ଅଧିକୃତ ପ୍ରଜାର ନାମ
1	2	3	4	5	6	7	8
672	ଲୁଲୁବେଟା	395	1760	0.0425	0.0425	ଶାରଦ ଅବଲଞ୍ଚବେଦିତ ଏକ	ଗୁରୁ ସାହୁ, ନାରଣ ସାହୁ, କାଠିଆ ସାହୁ, କୃପା ସାହୁ, ଶ୍ରୀମତୀ ସାହୁ, ଭଙ୍ଗାଶିସାହୁ, ରାଜେଶ ସାହୁ, ମାଧୁ ସାହୁ, କମଳି ସାହୁ ପି: ଏକାଦଶୀ ସାହୁ, ଅଧାରଣର ସାହୁ ସ୍ୱା:ବନମାଳୀ ସାହୁ, ବୈଷ୍ଣବ ସାହୁ ପି: ପୋଲାଲ ସାହୁ, ନିଶା ସାହୁ, ଦେବିଦେହି ସାହୁ, ମହାଦେବ ସାହୁ, ଦୁରୀ ସାହୁ, ଅରେଜି ସାହୁ, ଅନନ୍ତ ସାହୁ ପି: ବିଦେଶ ସାହୁ, କୁଞ୍ଜବୁ ସାହୁ, ବୃନ୍ଦୁ ସାହୁ, ପୁଣ୍ଣ ସାହୁ, ପଞ୍ଚୁ ସାହୁ, ଗଣେଶ ସାହୁ, ସୁଦାମ ସାହୁ, ଦାସୀ ସାହୁ ପି: ବିଦ୍ୟାଧରସାହୁ, ବାବାଜୀଦା ସାହୁ, ଲାଲକୀଶୀ ସାହୁ, ଭାଗୀ ସାହୁ, ଲକ୍ଷ୍ମୀମଣି ସାହୁ ପି: ଦେବେଜ ସାହୁ ଭା: ଦଶା ବା: ନିବାସୀ
673	ଲୁଲୁବେଟା	395	1761	0.0160	0.0160	ଶାରଦ ଅବଲଞ୍ଚବେଦିତ ଏକ	ଗୁରୁ ସାହୁ, ନାରଣ ସାହୁ, କାଠିଆ ସାହୁ, କୃପା ସାହୁ, ଶ୍ରୀମତୀ ସାହୁ, ଭଙ୍ଗାଶିସାହୁ, ରାଜେଶ ସାହୁ, ମାଧୁ ସାହୁ, କମଳି ସାହୁ ପି: ଏକାଦଶୀ ସାହୁ, ଅଧାରଣର ସାହୁ ସ୍ୱା:ବନମାଳୀ ସାହୁ, ବୈଷ୍ଣବ ସାହୁ ପି: ପୋଲାଲ ସାହୁ, ନିଶା ସାହୁ, ଦେବିଦେହି ସାହୁ, ମହାଦେବ ସାହୁ, ଦୁରୀ ସାହୁ, ଅରେଜି ସାହୁ, ଅନନ୍ତ ସାହୁ ପି: ବିଦେଶ ସାହୁ, କୁଞ୍ଜବୁ ସାହୁ, ବୃନ୍ଦୁ ସାହୁ, ପୁଣ୍ଣ ସାହୁ, ପଞ୍ଚୁ ସାହୁ, ଗଣେଶ ସାହୁ, ସୁଦାମ ସାହୁ, ଦାସୀ ସାହୁ ପି: ବିଦ୍ୟାଧରସାହୁ, ବାବାଜୀଦା ସାହୁ, ଲାଲକୀଶୀ ସାହୁ, ଭାଗୀ ସାହୁ, ଲକ୍ଷ୍ମୀମଣି ସାହୁ ପି: ଦେବେଜ ସାହୁ ଭା: ଦଶା ବା: ନିବାସୀ
674	ଲୁଲୁବେଟା	395	1762	0.1280	0.1280	ଶାରଦ ଅବଲଞ୍ଚବେଦିତ ଏକ	ଗୁରୁ ସାହୁ, ନାରଣ ସାହୁ, କାଠିଆ ସାହୁ, କୃପା ସାହୁ, ଶ୍ରୀମତୀ ସାହୁ, ଭଙ୍ଗାଶିସାହୁ, ରାଜେଶ ସାହୁ, ମାଧୁ ସାହୁ, କମଳି ସାହୁ ପି: ଏକାଦଶୀ ସାହୁ, ଅଧାରଣର ସାହୁ ସ୍ୱା:ବନମାଳୀ ସାହୁ, ବୈଷ୍ଣବ ସାହୁ ପି: ପୋଲାଲ ସାହୁ, ନିଶା ସାହୁ, ଦେବିଦେହି ସାହୁ, ମହାଦେବ ସାହୁ, ଦୁରୀ ସାହୁ, ଅରେଜି ସାହୁ, ଅନନ୍ତ ସାହୁ ପି: ବିଦେଶ ସାହୁ, କୁଞ୍ଜବୁ ସାହୁ, ବୃନ୍ଦୁ ସାହୁ, ପୁଣ୍ଣ ସାହୁ, ପଞ୍ଚୁ ସାହୁ, ଗଣେଶ ସାହୁ, ସୁଦାମ ସାହୁ, ଦାସୀ ସାହୁ ପି: ବିଦ୍ୟାଧରସାହୁ, ବାବାଜୀଦା ସାହୁ, ଲାଲକୀଶୀ ସାହୁ, ଭାଗୀ ସାହୁ, ଲକ୍ଷ୍ମୀମଣି ସାହୁ ପି: ଦେବେଜ ସାହୁ ଭା: ଦଶା ବା: ନିବାସୀ
675	ଲୁଲୁବେଟା	451	1763	0.0200	0.0200	ଶାରଦ ଅବଲଞ୍ଚବେଦିତ ଏକ	କୁଞ୍ଜବୁ ସାହୁ, ବୃନ୍ଦୁ ସାହୁ, ପୁଣ୍ଣ ସାହୁ, ପଞ୍ଚୁ ସାହୁ, ଗଣେଶ ସାହୁ, ସୁଦାମ ସାହୁ, ଦାସୀ ସାହୁ ପି: ବିଦ୍ୟାଧର ସାହୁ ଭା: ଦଶା ବା: ନିବାସୀ
676	ଲୁଲୁବେଟା	451	1764	0.0625	0.0625	ଶାରଦ ଅବଲଞ୍ଚବେଦିତ ଏକ	କୁଞ୍ଜବୁ ସାହୁ, ବୃନ୍ଦୁ ସାହୁ, ପୁଣ୍ଣ ସାହୁ, ପଞ୍ଚୁ ସାହୁ, ଗଣେଶ ସାହୁ, ସୁଦାମ ସାହୁ, ଦାସୀ ସାହୁ ପି: ବିଦ୍ୟାଧର ସାହୁ ଭା: ଦଶା ବା: ନିବାସୀ
677	ଲୁଲୁବେଟା	451	1765	0.0560	0.0560	ଶାରଦ ଅବଲଞ୍ଚବେଦିତ ଏକ	କୁଞ୍ଜବୁ ସାହୁ, ବୃନ୍ଦୁ ସାହୁ, ପୁଣ୍ଣ ସାହୁ, ପଞ୍ଚୁ ସାହୁ, ଗଣେଶ ସାହୁ, ସୁଦାମ ସାହୁ, ଦାସୀ ସାହୁ ପି: ବିଦ୍ୟାଧର ସାହୁ ଭା: ଦଶା ବା: ନିବାସୀ
678	ଲୁଲୁବେଟା	395	1765/6147	0.0240	0.0240	ଶାରଦ ଅବଲଞ୍ଚବେଦିତ ଏକ	ଗୁରୁ ସାହୁ, ନାରଣ ସାହୁ, କାଠିଆ ସାହୁ, କୃପା ସାହୁ, ଶ୍ରୀମତୀ ସାହୁ, ଭଙ୍ଗାଶିସାହୁ, ରାଜେଶ ସାହୁ, ମାଧୁ ସାହୁ, କମଳି ସାହୁ ପି: ଏକାଦଶୀ ସାହୁ, ଅଧାରଣର ସାହୁ ସ୍ୱା:ବନମାଳୀ ସାହୁ, ବୈଷ୍ଣବ ସାହୁ ପି: ପୋଲାଲ ସାହୁ, ନିଶା ସାହୁ, ଦେବିଦେହି ସାହୁ, ମହାଦେବ ସାହୁ, ଦୁରୀ ସାହୁ, ଅରେଜି ସାହୁ, ଅନନ୍ତ ସାହୁ ପି: ବିଦେଶ ସାହୁ, କୁଞ୍ଜବୁ ସାହୁ, ବୃନ୍ଦୁ ସାହୁ, ପୁଣ୍ଣ ସାହୁ, ପଞ୍ଚୁ ସାହୁ, ଗଣେଶ ସାହୁ, ସୁଦାମ ସାହୁ, ଦାସୀ ସାହୁ ପି: ବିଦ୍ୟାଧରସାହୁ, ବାବାଜୀଦା ସାହୁ, ଲାଲକୀଶୀ ସାହୁ, ଭାଗୀ ସାହୁ, ଲକ୍ଷ୍ମୀମଣି ସାହୁ ପି: ଦେବେଜ ସାହୁ ଭା: ଦଶା ବା: ନିବାସୀ
679	ଲୁଲୁବେଟା	395	1766	0.0280	0.0280	ଶାରଦ ଅବଲଞ୍ଚବେଦିତ ଏକ	ଗୁରୁ ସାହୁ, ନାରଣ ସାହୁ, କାଠିଆ ସାହୁ, କୃପା ସାହୁ, ଶ୍ରୀମତୀ ସାହୁ, ଭଙ୍ଗାଶିସାହୁ, ରାଜେଶ ସାହୁ, ମାଧୁ ସାହୁ, କମଳି ସାହୁ ପି: ଏକାଦଶୀ ସାହୁ, ଅଧାରଣର ସାହୁ ସ୍ୱା:ବନମାଳୀ ସାହୁ, ବୈଷ୍ଣବ ସାହୁ ପି: ପୋଲାଲ ସାହୁ, ନିଶା ସାହୁ, ଦେବିଦେହି ସାହୁ, ମହାଦେବ ସାହୁ, ଦୁରୀ ସାହୁ, ଅରେଜି ସାହୁ, ଅନନ୍ତ ସାହୁ ପି: ବିଦେଶ ସାହୁ, କୁଞ୍ଜବୁ ସାହୁ, ବୃନ୍ଦୁ ସାହୁ, ପୁଣ୍ଣ ସାହୁ, ପଞ୍ଚୁ ସାହୁ, ଗଣେଶ ସାହୁ, ସୁଦାମ ସାହୁ, ଦାସୀ ସାହୁ ପି: ବିଦ୍ୟାଧରସାହୁ, ବାବାଜୀଦା ସାହୁ, ଲାଲକୀଶୀ ସାହୁ, ଭାଗୀ ସାହୁ, ଲକ୍ଷ୍ମୀମଣି ସାହୁ ପି: ଦେବେଜ ସାହୁ ଭା: ଦଶା ବା: ନିବାସୀ
680	ଲୁଲୁବେଟା	395	1767	0.0200	0.0200	ଶାରଦ ଅବଲଞ୍ଚବେଦିତ ଏକ	ଗୁରୁ ସାହୁ, ନାରଣ ସାହୁ, କାଠିଆ ସାହୁ, କୃପା ସାହୁ, ଶ୍ରୀମତୀ ସାହୁ, ଭଙ୍ଗାଶିସାହୁ, ରାଜେଶ ସାହୁ, ମାଧୁ ସାହୁ, କମଳି ସାହୁ ପି: ଏକାଦଶୀ ସାହୁ, ଅଧାରଣର ସାହୁ ସ୍ୱା:ବନମାଳୀ ସାହୁ, ବୈଷ୍ଣବ ସାହୁ ପି: ପୋଲାଲ ସାହୁ, ନିଶା ସାହୁ, ଦେବିଦେହି ସାହୁ, ମହାଦେବ ସାହୁ, ଦୁରୀ ସାହୁ, ଅରେଜି ସାହୁ, ଅନନ୍ତ ସାହୁ ପି: ବିଦେଶ ସାହୁ, କୁଞ୍ଜବୁ ସାହୁ, ବୃନ୍ଦୁ ସାହୁ, ପୁଣ୍ଣ ସାହୁ, ପଞ୍ଚୁ ସାହୁ, ଗଣେଶ ସାହୁ, ସୁଦାମ ସାହୁ, ଦାସୀ ସାହୁ ପି: ବିଦ୍ୟାଧରସାହୁ, ବାବାଜୀଦା ସାହୁ, ଲାଲକୀଶୀ ସାହୁ, ଭାଗୀ ସାହୁ, ଲକ୍ଷ୍ମୀମଣି ସାହୁ ପି: ଦେବେଜ ସାହୁ ଭା: ଦଶା ବା: ନିବାସୀ
681	ଲୁଲୁବେଟା	451	1768	0.0590	0.0590	ଶାରଦ ଅବଲଞ୍ଚବେଦିତ ଏକ	କୁଞ୍ଜବୁ ସାହୁ, ବୃନ୍ଦୁ ସାହୁ, ପୁଣ୍ଣ ସାହୁ, ପଞ୍ଚୁ ସାହୁ, ଗଣେଶ ସାହୁ, ସୁଦାମ ସାହୁ, ଦାସୀ ସାହୁ ପି: ବିଦ୍ୟାଧର ସାହୁ ଭା: ଦଶା ବା: ନିବାସୀ
682	ଲୁଲୁବେଟା	395	1768/6148	0.0160	0.0160	ଶାରଦ ଅବଲଞ୍ଚବେଦିତ ଏକ	ଗୁରୁ ସାହୁ, ନାରଣ ସାହୁ, କାଠିଆ ସାହୁ, କୃପା ସାହୁ, ଶ୍ରୀମତୀ ସାହୁ, ଭଙ୍ଗାଶିସାହୁ, ରାଜେଶ ସାହୁ, ମାଧୁ ସାହୁ, କମଳି ସାହୁ ପି: ଏକାଦଶୀ ସାହୁ, ଅଧାରଣର ସାହୁ ସ୍ୱା:ବନମାଳୀ ସାହୁ, ବୈଷ୍ଣବ ସାହୁ ପି: ପୋଲାଲ ସାହୁ, ନିଶା ସାହୁ, ଦେବିଦେହି ସାହୁ, ମହାଦେବ ସାହୁ, ଦୁରୀ ସାହୁ, ଅରେଜି ସାହୁ, ଅନନ୍ତ ସାହୁ ପି: ବିଦେଶ ସାହୁ, କୁଞ୍ଜବୁ ସାହୁ, ବୃନ୍ଦୁ ସାହୁ, ପୁଣ୍ଣ ସାହୁ, ପଞ୍ଚୁ ସାହୁ, ଗଣେଶ ସାହୁ, ସୁଦାମ ସାହୁ, ଦାସୀ ସାହୁ ପି: ବିଦ୍ୟାଧରସାହୁ, ବାବାଜୀଦା ସାହୁ, ଲାଲକୀଶୀ ସାହୁ, ଭାଗୀ ସାହୁ, ଲକ୍ଷ୍ମୀମଣି ସାହୁ ପି: ଦେବେଜ ସାହୁ ଭା: ଦଶା ବା: ନିବାସୀ
683	ଲୁଲୁବେଟା	451	1769	0.0810	0.0810	ଶାରଦ ଅବଲଞ୍ଚବେଦିତ ଏକ	କୁଞ୍ଜବୁ ସାହୁ, ବୃନ୍ଦୁ ସାହୁ, ପୁଣ୍ଣ ସାହୁ, ପଞ୍ଚୁ ସାହୁ, ଗଣେଶ ସାହୁ, ସୁଦାମ ସାହୁ, ଦାସୀ ସାହୁ ପି: ବିଦ୍ୟାଧର ସାହୁ ଭା: ଦଶା ବା: ନିବାସୀ
684	ଲୁଲୁବେଟା	451	1770	0.0725	0.0725	ଶାରଦ ଅବଲଞ୍ଚବେଦିତ ଏକ	କୁଞ୍ଜବୁ ସାହୁ, ବୃନ୍ଦୁ ସାହୁ, ପୁଣ୍ଣ ସାହୁ, ପଞ୍ଚୁ ସାହୁ, ଗଣେଶ ସାହୁ, ସୁଦାମ ସାହୁ, ଦାସୀ ସାହୁ ପି: ବିଦ୍ୟାଧର ସାହୁ ଭା: ଦଶା ବା: ନିବାସୀ
685	ଲୁଲୁବେଟା	451	1771	0.0300	0.0300	ଶାରଦ ଅବଲଞ୍ଚବେଦିତ ଏକ	କୁଞ୍ଜବୁ ସାହୁ, ବୃନ୍ଦୁ ସାହୁ, ପୁଣ୍ଣ ସାହୁ, ପଞ୍ଚୁ ସାହୁ, ଗଣେଶ ସାହୁ, ସୁଦାମ ସାହୁ, ଦାସୀ ସାହୁ ପି: ବିଦ୍ୟାଧର ସାହୁ ଭା: ଦଶା ବା: ନିବାସୀ
686	ଲୁଲୁବେଟା	451	1772	0.0410	0.0410	ଶାରଦ ଅବଲଞ୍ଚବେଦିତ ଏକ	କୁଞ୍ଜବୁ ସାହୁ, ବୃନ୍ଦୁ ସାହୁ, ପୁଣ୍ଣ ସାହୁ, ପଞ୍ଚୁ ସାହୁ, ଗଣେଶ ସାହୁ, ସୁଦାମ ସାହୁ, ଦାସୀ ସାହୁ ପି: ବିଦ୍ୟାଧର ସାହୁ ଭା: ଦଶା ବା: ନିବାସୀ
687	ଲୁଲୁବେଟା	269	1773	0.0360	0.0360	ଶାରଦ ଅବଲଞ୍ଚବେଦିତ ଏକ	ବନମାଳୀ ସାହୁ, ରଞ୍ଜନ ସାହୁ, ଅଜିତ ସାହୁ ପି: ଚନ୍ଦ୍ରମଣି ସାହୁ ଭା: ଦଶା ବା: ନିବାସୀ
688	ଲୁଲୁବେଟା	488/31	1774	0.0140	0.0140	ଶାରଦ ଅବଲଞ୍ଚବେଦିତ ପୁଣ	ମଲ୍ଲୁକୁ ସାହୁ ପି:ବ୍ରଜବନ୍ଧୁ ସାହୁ ଭା: ଦଶା ବା: ନିବାସୀ
689	ଲୁଲୁବେଟା	488/31	1774/6239	0.0485	0.0485	ଶାରଦ ଅବଲଞ୍ଚବେଦିତ ପୁଣ	ମଲ୍ଲୁକୁ ସାହୁ ପି:ବ୍ରଜବନ୍ଧୁ ସାହୁ ଭା: ଦଶା ବା: ନିବାସୀ
690	ଲୁଲୁବେଟା	488/31	1775	0.0445	0.0445	ଶାରଦ ଅବଲଞ୍ଚବେଦିତ ପୁଣ	ମଲ୍ଲୁକୁ ସାହୁ ପି:ବ୍ରଜବନ୍ଧୁ ସାହୁ ଭା: ଦଶା ବା: ନିବାସୀ
691	ଲୁଲୁବେଟା	269	1776	0.0800	0.0800	ଶାରଦ ଅବଲଞ୍ଚବେଦିତ ପୁଣ	ବନମାଳୀ ସାହୁ, ରଞ୍ଜନ ସାହୁ, ଅଜିତ ସାହୁ ପି: ଚନ୍ଦ୍ରମଣି ସାହୁ ଭା: ଦଶା ବା: ନିବାସୀ
692	ଲୁଲୁବେଟା	324	1777	0.0850	0.0850	ଶାରଦ ଅବଲଞ୍ଚବେଦିତ ପୁଣ	ବୈଷ୍ଣବ ସାହୁ ପି:ଦାମୋଦର ସାହୁ ଭା: ଦଶା ବା: ନିବାସୀ
693	ଲୁଲୁବେଟା	395	1778	0.0780	0.0780	ଶାରଦ ଅବଲଞ୍ଚବେଦିତ ଏକ	ଗୁରୁ ସାହୁ, ନାରଣ ସାହୁ, କାଠିଆ ସାହୁ, କୃପା ସାହୁ, ଶ୍ରୀମତୀ ସାହୁ, ଭଙ୍ଗାଶିସାହୁ, ରାଜେଶ ସାହୁ, ମାଧୁ ସାହୁ, କମଳି ସାହୁ ପି: ଏକାଦଶୀ ସାହୁ, ଅଧାରଣର ସାହୁ ସ୍ୱା:ବନମାଳୀ ସାହୁ, ବୈଷ୍ଣବ ସାହୁ ପି: ପୋଲାଲ ସାହୁ, ନିଶା ସାହୁ, ଦେବିଦେହି ସାହୁ, ମହାଦେବ ସାହୁ, ଦୁରୀ ସାହୁ, ଅରେଜି ସାହୁ, ଅନନ୍ତ ସାହୁ ପି: ବିଦେଶ ସାହୁ, କୁଞ୍ଜବୁ ସାହୁ, ବୃନ୍ଦୁ ସାହୁ, ପୁଣ୍ଣ ସାହୁ, ପଞ୍ଚୁ ସାହୁ, ଗଣେଶ ସାହୁ, ସୁଦାମ ସାହୁ, ଦାସୀ ସାହୁ ପି: ବିଦ୍ୟାଧରସାହୁ, ବାବାଜୀଦା ସାହୁ, ଲାଲକୀଶୀ ସାହୁ, ଭାଗୀ ସାହୁ, ଲକ୍ଷ୍ମୀମଣି ସାହୁ ପି: ଦେବେଜ ସାହୁ ଭା: ଦଶା ବା: ନିବାସୀ
694	ଲୁଲୁବେଟା	395	1779	0.0780	0.0780	ଶାରଦ ଅବଲଞ୍ଚବେଦିତ ଏକ	ଗୁରୁ ସାହୁ, ନାରଣ ସାହୁ, କାଠିଆ ସାହୁ, କୃପା ସାହୁ, ଶ୍ରୀମତୀ ସାହୁ, ଭଙ୍ଗାଶିସାହୁ, ରାଜେଶ ସାହୁ, ମାଧୁ ସାହୁ, କମଳି ସାହୁ ପି: ଏକାଦଶୀ ସାହୁ, ଅଧାରଣର ସାହୁ ସ୍ୱା:ବନମାଳୀ ସାହୁ, ବୈଷ୍ଣବ ସାହୁ ପି: ପୋଲାଲ ସାହୁ, ନିଶା ସାହୁ, ଦେବିଦେହି ସାହୁ, ମହାଦେବ ସାହୁ, ଦୁରୀ ସାହୁ, ଅରେଜି ସାହୁ, ଅନନ୍ତ ସାହୁ ପି: ବିଦେଶ ସାହୁ, କୁଞ୍ଜବୁ ସାହୁ, ବୃନ୍ଦୁ ସାହୁ, ପୁଣ୍ଣ ସାହୁ, ପଞ୍ଚୁ ସାହୁ, ଗଣେଶ ସାହୁ, ସୁଦାମ ସାହୁ, ଦାସୀ ସାହୁ ପି: ବିଦ୍ୟାଧରସାହୁ, ବାବାଜୀଦା ସାହୁ, ଲାଲକୀଶୀ ସାହୁ, ଭାଗୀ ସାହୁ, ଲକ୍ଷ୍ମୀମଣି ସାହୁ ପି: ଦେବେଜ ସାହୁ ଭା: ଦଶା ବା: ନିବାସୀ
695	ଲୁଲୁବେଟା	488/504	1780	0.1050	0.0324	ଶାରଦ ଅବଲଞ୍ଚବେଦିତ ଏକ	ଗୋବିନ୍ଦ ସାହୁ ପି:ପ୍ରଦୀପ ସାହୁ ଭା: ଦଶା ବା: ନିଜ ଗାଁ
696	ଲୁଲୁବେଟା	395	1781	0.0100	0.0100	ଜଳାଶୟ ଏକ	ଗୁରୁ ସାହୁ, ନାରଣ ସାହୁ, କାଠିଆ ସାହୁ, କୃପା ସାହୁ, ଶ୍ରୀମତୀ ସାହୁ, ଭଙ୍ଗାଶିସାହୁ, ରାଜେଶ ସାହୁ, ମାଧୁ ସାହୁ, କମଳି ସାହୁ ପି: ଏକାଦଶୀ ସାହୁ, ଅଧାରଣର ସାହୁ ସ୍ୱା:ବନମାଳୀ ସାହୁ, ବୈଷ୍ଣବ ସାହୁ ପି: ପୋଲାଲ ସାହୁ, ନିଶା ସାହୁ, ଦେବିଦେହି ସାହୁ, ମହାଦେବ ସାହୁ, ଦୁରୀ ସାହୁ, ଅରେଜି ସାହୁ, ଅନନ୍ତ ସାହୁ ପି: ବିଦେଶ ସାହୁ, କୁଞ୍ଜବୁ ସାହୁ, ବୃନ୍ଦୁ ସାହୁ, ପୁଣ୍ଣ ସାହୁ, ପଞ୍ଚୁ ସାହୁ, ଗଣେଶ ସାହୁ, ସୁଦାମ ସାହୁ, ଦାସୀ ସାହୁ ପି: ବିଦ୍ୟାଧରସାହୁ, ବାବାଜୀଦା ସାହୁ, ଲାଲକୀଶୀ ସାହୁ, ଭାଗୀ ସାହୁ, ଲକ୍ଷ୍ମୀମଣି ସାହୁ ପି: ଦେବେଜ ସାହୁ ଭା: ଦଶା ବା: ନିବାସୀ
697	ଲୁଲୁବେଟା	488/505	1782	0.0280	0.0280	ପଡ଼ିଆ	ଜଗନ୍ନାଥ ସାହୁ ପି:ପ୍ରଦୀପ ସାହୁ ଭା: ଦଶା ବା: ନିଜ ଗାଁ
698	ଲୁଲୁବେଟା	488/505	1783	0.0160	0.0160	ପଡ଼ିଆ	ଜଗନ୍ନାଥ ସାହୁ ପି:ପ୍ରଦୀପ ସାହୁ ଭା: ଦଶା ବା: ନିଜ ଗାଁ
699	ଲୁଲୁବେଟା	488/505	1783/6667	0.0150	0.0150	ପଡ଼ିଆ	ଜଗନ୍ନାଥ ସାହୁ ପି:ପ୍ରଦୀପ ସାହୁ ଭା: ଦଶା ବା: ନିଜ ଗାଁ
700	ଲୁଲୁବେଟା	488/504	1784	0.0330	0.0330	ଶାରଦ ଅବଲଞ୍ଚବେଦିତ ଏକ	ଗୋବିନ୍ଦ ସାହୁ ପି:ପ୍ରଦୀପ ସାହୁ ଭା: ଦଶା ବା: ନିଜ ଗାଁ
701	ଲୁଲୁବେଟା	488/505	1784/6668	0.0240	0.0240	ଶାରଦ ଅବଲଞ୍ଚବେଦିତ ଏକ	ଜଗନ୍ନାଥ ସାହୁ ପି:ପ୍ରଦୀପ ସାହୁ ଭା: ଦଶା ବା: ନିଜ ଗାଁ
702	ଲୁଲୁବେଟା	488/504	1785	0.2230	0.2230	ଶାରଦ ଅବଲଞ୍ଚବେଦିତ ଏକ	ଗୋବିନ୍ଦ ସାହୁ ପି:ପ୍ରଦୀପ ସାହୁ ଭା: ଦଶା ବା: ନିଜ ଗାଁ
703	ଲୁଲୁବେଟା	488/505	1786	0.0190	0.0190	ପଡ଼ିଆ	ଜଗନ୍ନାଥ ସାହୁ ପି:ପ୍ରଦୀପ ସାହୁ ଭା: ଦଶା ବା: ନିଜ ଗାଁ
704	ଲୁଲୁବେଟା	488/505	1786/6670	0.0077	0.0077	ପଡ଼ିଆ	ଜଗନ୍ନାଥ ସାହୁ ପି:ପ୍ରଦୀପ ସାହୁ ଭା: ଦଶା ବା: ନିଜ ଗାଁ
705	ଲୁଲୁବେଟା	488/505	1786/6669	0.0178	0.0178	ପଡ଼ିଆ	ଜଗନ୍ନାଥ ସାହୁ ପି:ପ୍ରଦୀପ ସାହୁ ଭା: ଦଶା ବା: ନିଜ ଗାଁ
706	ଲୁଲୁବେଟା	488/504	1787	0.0605	0.0605	ଶାରଦ ଅବଲଞ୍ଚବେଦିତ ତିନି	ଗୋବିନ୍ଦ ସାହୁ ପି:ପ୍ରଦୀପ ସାହୁ ଭା: ଦଶା ବା: ନିଜ ଗାଁ
707	ଲୁଲୁବେଟା	488/505	1787/6671	0.0605	0.0605	ଶାରଦ ଅବଲଞ୍ଚବେଦିତ ତିନି	ଜଗନ୍ନାଥ ସାହୁ ପି:ପ୍ରଦୀପ ସାହୁ ଭା: ଦଶା ବା: ନିଜ ଗାଁ
708	ଲୁଲୁବେଟା	488/325	1788	0.1000	0.1000	ଜଙ୍ଗଲ	ଗୁରୁବାସ ଉଦ୍ୟଗବାସ ପି:ପୁଣ୍ଡରୀକାକ୍ଷ ଉଦ୍ୟଗବାସ ଭା: ଦଶା ବା: ନିବାସୀ
709	ଲୁଲୁବେଟା	488/504	1789	0.0590	0.0590	ଶାରଦ ଅବଲଞ୍ଚବେଦିତ ତିନି	ଗୋବିନ୍ଦ ସାହୁ ପି:ପ୍ରଦୀପ ସାହୁ ଭା: ଦଶା ବା: ନିଜ ଗାଁ
710	ଲୁଲୁବେଟା	488/505	1789/6672	0.0590	0.0590	ଶାରଦ ଅବଲଞ୍ଚବେଦିତ ତିନି	ଜଗନ୍ନାଥ ସାହୁ ପି:ପ୍ରଦୀପ ସାହୁ ଭା: ଦଶା ବା: ନିଜ ଗାଁ
711	ଲୁଲୁବେଟା	272	1790 P	0.1680	0.0121	ଶାରଦ ଅବଲଞ୍ଚବେଦିତ ଏକ	କଳ୍ପ ସାହୁ ପି:ଭଗବାନ ସାହୁ ଭା: ଦଶା ବା: ନିବାସୀ
712	ଲୁଲୁବେଟା	272	1791	0.1900	0.0101	ଜଙ୍ଗଲ	କଳ୍ପ ସାହୁ ପି:ଭଗବାନ ସାହୁ ଭା: ଦଶା ବା: ନିବାସୀ
713	ଲୁଲୁବେଟା	488/505	1801 P	0.0400	0.0080	ଶାରଦ ଅବଲଞ୍ଚବେଦିତ ତିନି	ଜଗନ୍ନାଥ ସାହୁ ପି:ପ୍ରଦୀପ ସାହୁ ଭା: ଦଶା ବା: ନିଜ ଗାଁ
714	ଲୁଲୁବେଟା	488/504	1802	0.0245	0.0245	ପଡ଼ିଆ	ଗୋବିନ୍ଦ ସାହୁ ପି:ପ୍ରଦୀପ ସାହୁ ଭା: ଦଶା ବା: ନିଜ ଗାଁ
715	ଲୁଲୁବେଟା	488/505	1802/6676	0.0245	0.0245	ପଡ଼ିଆ	ଜଗନ୍ନାଥ ସାହୁ ପି:ପ୍ରଦୀପ ସାହୁ ଭା: ଦଶା ବା: ନିଜ ଗାଁ
716	ଲୁଲୁବେଟା	488/141	1803	0.0200	0.0200	ଶାରଦ ଅବଲଞ୍ଚବେଦିତ ଏକ	ବୈକାଶ କୁମାର ସାହୁ ପି:ଗୋବିନ୍ଦ ସାହୁ ଭା: ଦଶା ବା: ନିବାସୀ
717	ଲୁଲୁବେଟା	488/141	1804	0.0850	0.0650	ଶାରଦ ଅବଲଞ୍ଚବେଦିତ ତିନି	ବୈକାଶ କୁମାର ସାହୁ ପି:ଗୋବିନ୍ଦ ସାହୁ ଭା: ଦଶା ବା: ନିବାସୀ
718	ଲୁଲୁବେଟା	488/141	1805	0.0300	0.0300	ଶାରଦ ଅବଲଞ୍ଚବେଦିତ ତିନି	ବୈକାଶ କୁମାର ସାହୁ ପି:ଗୋବିନ୍ଦ ସାହୁ ଭା: ଦଶା ବା: ନିବାସୀ
719	ଲୁଲୁବେଟା	488/141	1806	0.1600	0.1600	ଶାରଦ ଅବଲଞ୍ଚବେଦିତ ଏକ	ବୈକାଶ କୁମାର ସାହୁ ପି:ଗୋବିନ୍ଦ ସାହୁ ଭା: ଦଶା ବା: ନିବାସୀ
720	ଲୁଲୁବେଟା	488/141	1807	0.0230	0.0230	ଶାରଦ ଅବଲଞ୍ଚବେଦିତ ଏକ	ବୈକାଶ କୁମାର ସାହୁ ପି:ଗୋବିନ୍ଦ ସାହୁ ଭା: ଦଶା ବା: ନିବାସୀ
721	ଲୁଲୁବେଟା	488/504	1808 P	0.0800	0.0080	ଶାରଦ ଅବଲଞ୍ଚବେଦିତ ଏକ	ଗୋବିନ୍ଦ ସାହୁ ପି:ପ୍ରଦୀପ ସାହୁ ଭା: ଦଶା ବା: ନିଜ ଗାଁ
722	ଲୁଲୁବେଟା	488/504	1809 P	0.1475	0.1475	ଶାରଦ ଅବଲଞ୍ଚବେଦିତ ଏକ	ଗୋବିନ୍ଦ ସାହୁ ପି:ପ୍ରଦୀପ ସାହୁ ଭା: ଦଶା ବା: ନିଜ ଗାଁ
723	ଲୁଲୁବେଟା	488/504	1813 P	0.1380	0.0600	ଶାରଦ ଅବଲଞ୍ଚବେଦିତ ଏକ	ଗୋବିନ୍ଦ ସାହୁ ପି:ପ୍ରଦୀପ ସାହୁ ଭା: ଦଶା ବା: ନିଜ ଗାଁ
724	ଲୁଲୁବେଟା	488/505	1813/6677	0.0125	0.0125	ପଡ଼ିଆ	ଜଗନ୍ନାଥ ସାହୁ ପି:ପ୍ରଦୀପ ସାହୁ ଭା: ଦଶା ବା: ନିଜ ଗାଁ
725	ଲୁଲୁବେଟା	285	1835 P	0.0320	0.0081	ଶାରଦ ଅବଲଞ୍ଚବେଦିତ ଏକ	ଗୁରୁ ସାହୁ, ନାରଣ ସାହୁ, କାଠିଆ ସାହୁ, କୃପା ସାହୁ, ଶ୍ରୀମତୀ ସାହୁ, ଭଙ୍ଗାଶିସାହୁ, ରାଜେଶ ସାହୁ, ମାଧୁ ସାହୁ, କମଳି ସାହୁ ପି: ଏକାଦଶୀ ସାହୁ, ଅଧାରଣର ସାହୁ ସ୍ୱା:ବନମାଳୀ ସାହୁ, ବୈଷ୍ଣବ ସାହୁ ପି: ପୋଲାଲ ସାହୁ, ନିଶା ସାହୁ, ଦେବିଦେହି ସାହୁ, ମହାଦେବ ସାହୁ, ଦୁରୀ ସାହୁ, ଅରେଜି ସାହୁ, ଅନନ୍ତ ସାହୁ ପି: ବିଦେଶ ସାହୁ, କୁଞ୍ଜବୁ ସାହୁ, ବୃନ୍ଦୁ ସାହୁ, ପୁଣ୍ଣ ସାହୁ, ପଞ୍ଚୁ ସାହୁ, ଗଣେଶ ସାହୁ, ସୁଦାମ ସାହୁ, ଦାସୀ ସାହୁ ପି: ବିଦ୍ୟାଧରସାହୁ, ବାବାଜୀଦା ସାହୁ, ଲାଲକୀଶୀ ସାହୁ, ଭାଗୀ ସାହୁ, ଲକ୍ଷ୍ମୀମଣି ସାହୁ ପି: ଦେବେଜ ସାହୁ ଭା: ଦଶା ବା: ନିବାସୀ
726	ଲୁଲୁବେଟା	268	1836 P	0.1340	0.0526	ଶାରଦ ଅବଲଞ୍ଚବେଦିତ ଏକ	ଦାଣ୍ଡୁ ନାୟକ ପି: ପୁରୁଷୋତ୍ତମ ନାୟକ, ତୁଫାନ ନାୟକ ଭା: ଦଶା ବା: ନିବାସୀ
727	ଲୁଲୁବେଟା	268	1837	0.0160	0.0160	ଶାରଦ ଅବଲଞ୍ଚବେଦିତ ଏକ	ଦାଣ୍ଡୁ ନାୟକ ପି: ପୁରୁଷୋତ୍ତମ ନାୟକ, ତୁଫାନ ନାୟକ ଭା: ଦଶା ବା: ନିବାସୀ
